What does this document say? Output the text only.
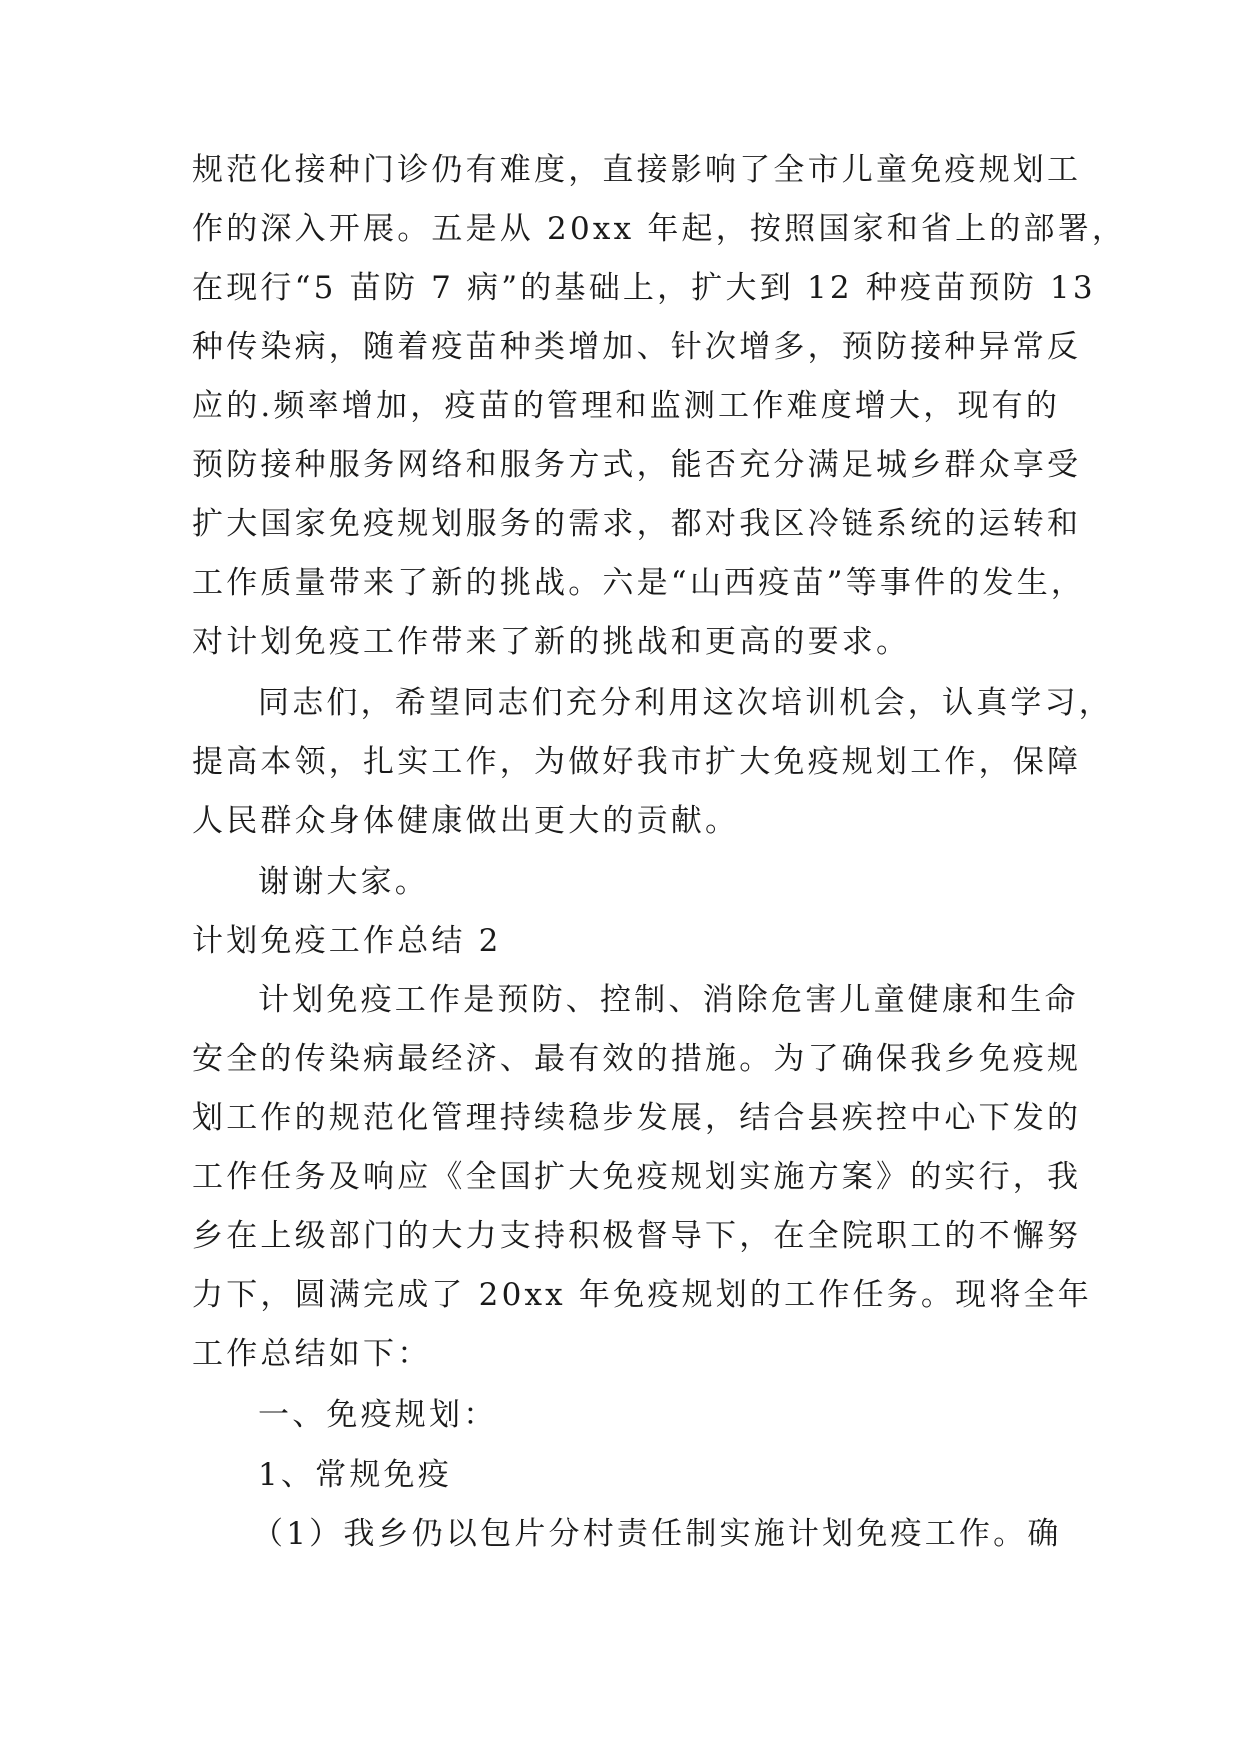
规范化接种门诊仍有难度，直接影响了全市儿童免疫规划工
作的深入开展。五是从 20xx 年起，按照国家和省上的部署，
在现行“5 苗防 7 病”的基础上，扩大到 12 种疫苗预防 13
种传染病，随着疫苗种类增加、针次增多，预防接种异常反
应的.频率增加，疫苗的管理和监测工作难度增大，现有的
预防接种服务网络和服务方式，能否充分满足城乡群众享受
扩大国家免疫规划服务的需求，都对我区冷链系统的运转和
工作质量带来了新的挑战。六是“山西疫苗”等事件的发生，
对计划免疫工作带来了新的挑战和更高的要求。
同志们，希望同志们充分利用这次培训机会，认真学习，
提高本领，扎实工作，为做好我市扩大免疫规划工作，保障
人民群众身体健康做出更大的贡献。
谢谢大家。
计划免疫工作总结 2
计划免疫工作是预防、控制、消除危害儿童健康和生命
安全的传染病最经济、最有效的措施。为了确保我乡免疫规
划工作的规范化管理持续稳步发展，结合县疾控中心下发的
工作任务及响应《全国扩大免疫规划实施方案》的实行，我
乡在上级部门的大力支持积极督导下，在全院职工的不懈努
力下，圆满完成了 20xx 年免疫规划的工作任务。现将全年
工作总结如下：
一、免疫规划：
1、常规免疫
（1）我乡仍以包片分村责任制实施计划免疫工作。确
